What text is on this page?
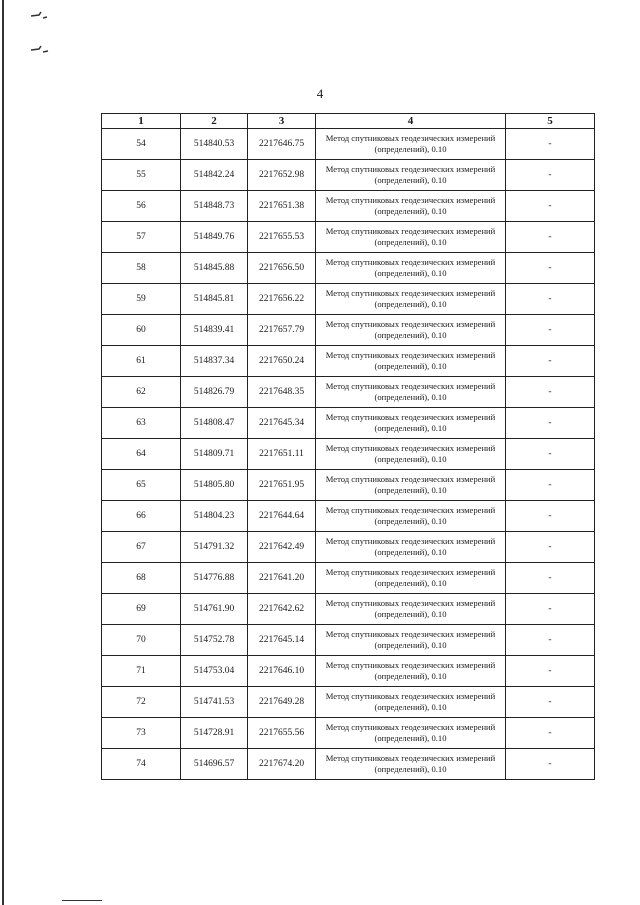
4
1	2	3	4	5
54	514840.53	2217646.75	Метод спутниковых геодезических измерений (определений), 0.10	-
55	514842.24	2217652.98	Метод спутниковых геодезических измерений (определений), 0.10	-
56	514848.73	2217651.38	Метод спутниковых геодезических измерений (определений), 0.10	-
57	514849.76	2217655.53	Метод спутниковых геодезических измерений (определений), 0.10	-
58	514845.88	2217656.50	Метод спутниковых геодезических измерений (определений), 0.10	-
59	514845.81	2217656.22	Метод спутниковых геодезических измерений (определений), 0.10	-
60	514839.41	2217657.79	Метод спутниковых геодезических измерений (определений), 0.10	-
61	514837.34	2217650.24	Метод спутниковых геодезических измерений (определений), 0.10	-
62	514826.79	2217648.35	Метод спутниковых геодезических измерений (определений), 0.10	-
63	514808.47	2217645.34	Метод спутниковых геодезических измерений (определений), 0.10	-
64	514809.71	2217651.11	Метод спутниковых геодезических измерений (определений), 0.10	-
65	514805.80	2217651.95	Метод спутниковых геодезических измерений (определений), 0.10	-
66	514804.23	2217644.64	Метод спутниковых геодезических измерений (определений), 0.10	-
67	514791.32	2217642.49	Метод спутниковых геодезических измерений (определений), 0.10	-
68	514776.88	2217641.20	Метод спутниковых геодезических измерений (определений), 0.10	-
69	514761.90	2217642.62	Метод спутниковых геодезических измерений (определений), 0.10	-
70	514752.78	2217645.14	Метод спутниковых геодезических измерений (определений), 0.10	-
71	514753.04	2217646.10	Метод спутниковых геодезических измерений (определений), 0.10	-
72	514741.53	2217649.28	Метод спутниковых геодезических измерений (определений), 0.10	-
73	514728.91	2217655.56	Метод спутниковых геодезических измерений (определений), 0.10	-
74	514696.57	2217674.20	Метод спутниковых геодезических измерений (определений), 0.10	-
